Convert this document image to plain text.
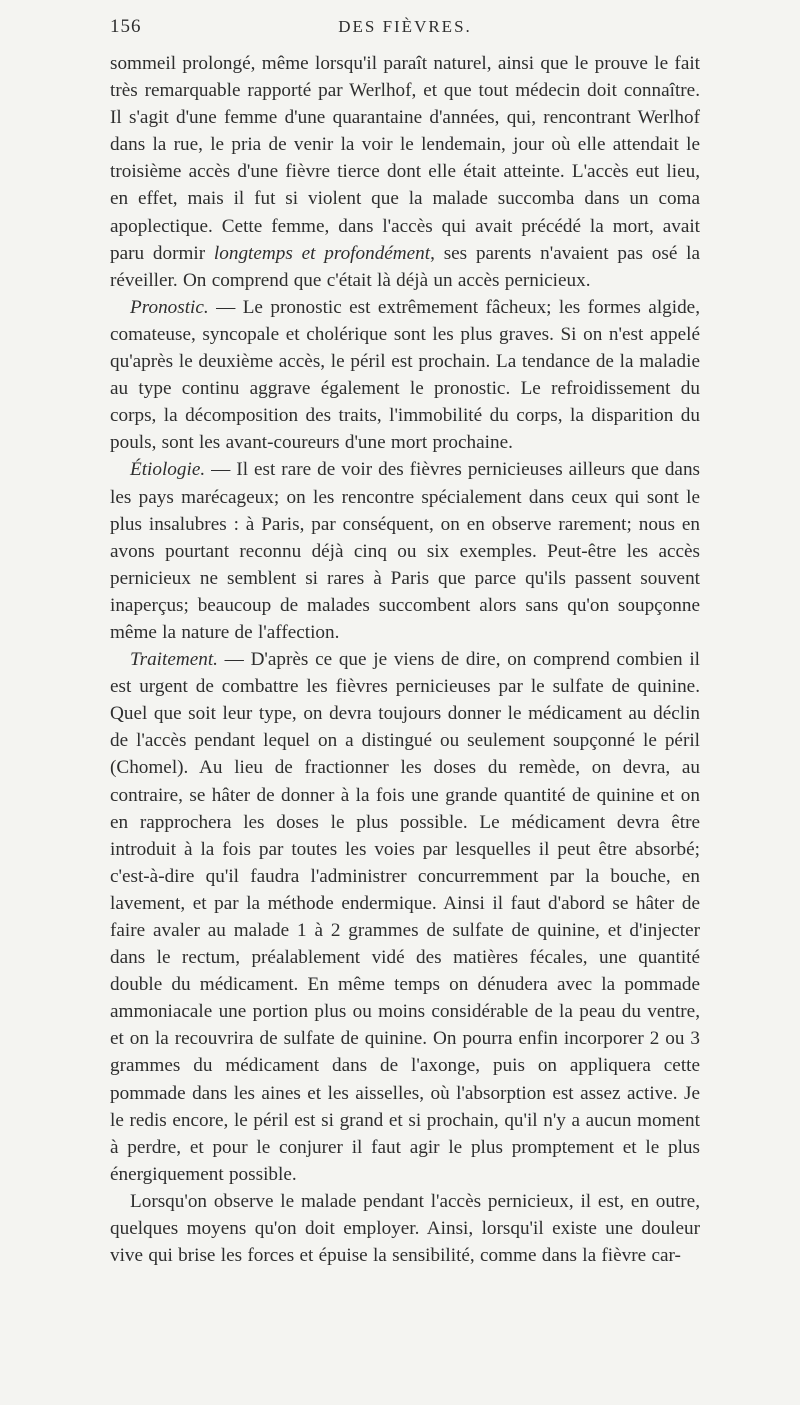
156	DES FIÈVRES.

sommeil prolongé, même lorsqu'il paraît naturel, ainsi que le prouve le fait très remarquable rapporté par Werlhof, et que tout médecin doit connaître. Il s'agit d'une femme d'une quarantaine d'années, qui, rencontrant Werlhof dans la rue, le pria de venir la voir le lendemain, jour où elle attendait le troisième accès d'une fièvre tierce dont elle était atteinte. L'accès eut lieu, en effet, mais il fut si violent que la malade succomba dans un coma apoplectique. Cette femme, dans l'accès qui avait précédé la mort, avait paru dormir longtemps et profondément, ses parents n'avaient pas osé la réveiller. On comprend que c'était là déjà un accès pernicieux.

Pronostic. — Le pronostic est extrêmement fâcheux; les formes algide, comateuse, syncopale et cholérique sont les plus graves. Si on n'est appelé qu'après le deuxième accès, le péril est prochain. La tendance de la maladie au type continu aggrave également le pronostic. Le refroidissement du corps, la décomposition des traits, l'immobilité du corps, la disparition du pouls, sont les avant-coureurs d'une mort prochaine.

Étiologie. — Il est rare de voir des fièvres pernicieuses ailleurs que dans les pays marécageux; on les rencontre spécialement dans ceux qui sont le plus insalubres : à Paris, par conséquent, on en observe rarement; nous en avons pourtant reconnu déjà cinq ou six exemples. Peut-être les accès pernicieux ne semblent si rares à Paris que parce qu'ils passent souvent inaperçus; beaucoup de malades succombent alors sans qu'on soupçonne même la nature de l'affection.

Traitement. — D'après ce que je viens de dire, on comprend combien il est urgent de combattre les fièvres pernicieuses par le sulfate de quinine. Quel que soit leur type, on devra toujours donner le médicament au déclin de l'accès pendant lequel on a distingué ou seulement soupçonné le péril (Chomel). Au lieu de fractionner les doses du remède, on devra, au contraire, se hâter de donner à la fois une grande quantité de quinine et on en rapprochera les doses le plus possible. Le médicament devra être introduit à la fois par toutes les voies par lesquelles il peut être absorbé; c'est-à-dire qu'il faudra l'administrer concurremment par la bouche, en lavement, et par la méthode endermique. Ainsi il faut d'abord se hâter de faire avaler au malade 1 à 2 grammes de sulfate de quinine, et d'injecter dans le rectum, préalablement vidé des matières fécales, une quantité double du médicament. En même temps on dénudera avec la pommade ammoniacale une portion plus ou moins considérable de la peau du ventre, et on la recouvrira de sulfate de quinine. On pourra enfin incorporer 2 ou 3 grammes du médicament dans de l'axonge, puis on appliquera cette pommade dans les aines et les aisselles, où l'absorption est assez active. Je le redis encore, le péril est si grand et si prochain, qu'il n'y a aucun moment à perdre, et pour le conjurer il faut agir le plus promptement et le plus énergiquement possible.

Lorsqu'on observe le malade pendant l'accès pernicieux, il est, en outre, quelques moyens qu'on doit employer. Ainsi, lorsqu'il existe une douleur vive qui brise les forces et épuise la sensibilité, comme dans la fièvre car-
